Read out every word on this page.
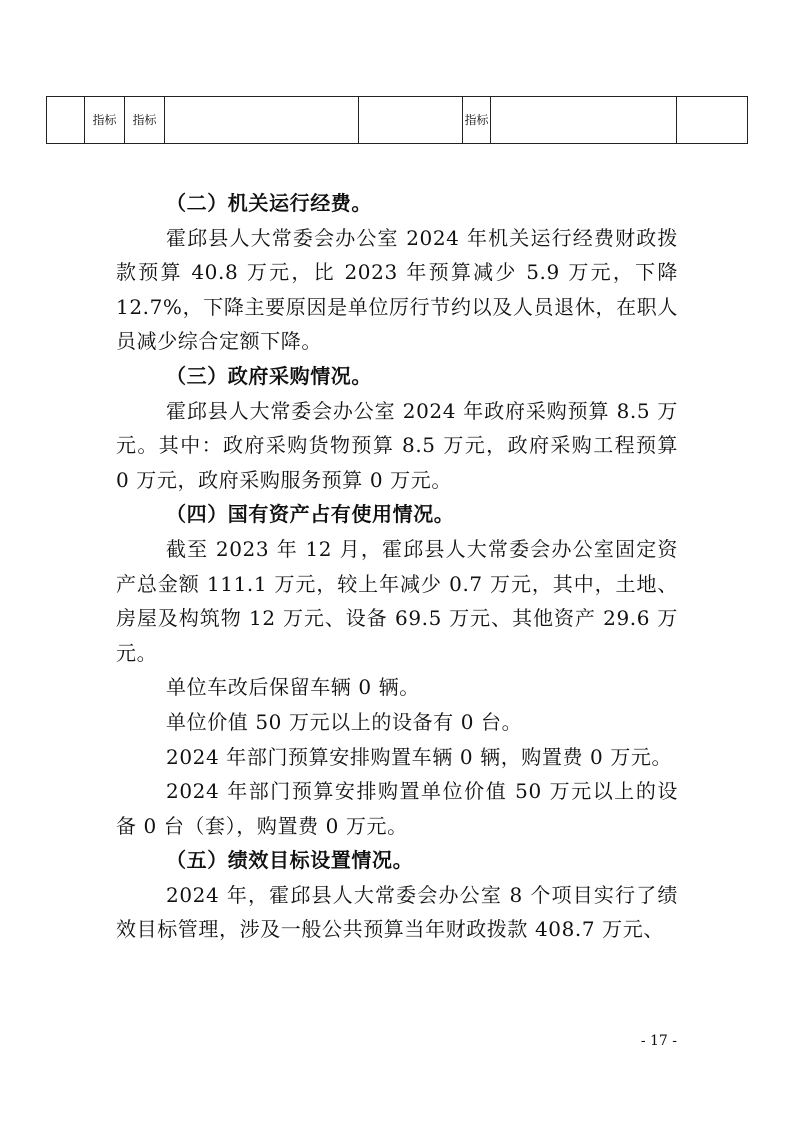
	指标	指标			指标		

（二）机关运行经费。

霍邱县人大常委会办公室 2024 年机关运行经费财政拨款预算 40.8 万元，比 2023 年预算减少 5.9 万元，下降 12.7%，下降主要原因是单位厉行节约以及人员退休，在职人员减少综合定额下降。

（三）政府采购情况。

霍邱县人大常委会办公室 2024 年政府采购预算 8.5 万元。其中：政府采购货物预算 8.5 万元，政府采购工程预算 0 万元，政府采购服务预算 0 万元。

（四）国有资产占有使用情况。

截至 2023 年 12 月，霍邱县人大常委会办公室固定资产总金额 111.1 万元，较上年减少 0.7 万元，其中，土地、房屋及构筑物 12 万元、设备 69.5 万元、其他资产 29.6 万元。

单位车改后保留车辆 0 辆。

单位价值 50 万元以上的设备有 0 台。

2024 年部门预算安排购置车辆 0 辆，购置费 0 万元。

2024 年部门预算安排购置单位价值 50 万元以上的设备 0 台（套），购置费 0 万元。

（五）绩效目标设置情况。

2024 年，霍邱县人大常委会办公室 8 个项目实行了绩效目标管理，涉及一般公共预算当年财政拨款 408.7 万元、

- 17 -
